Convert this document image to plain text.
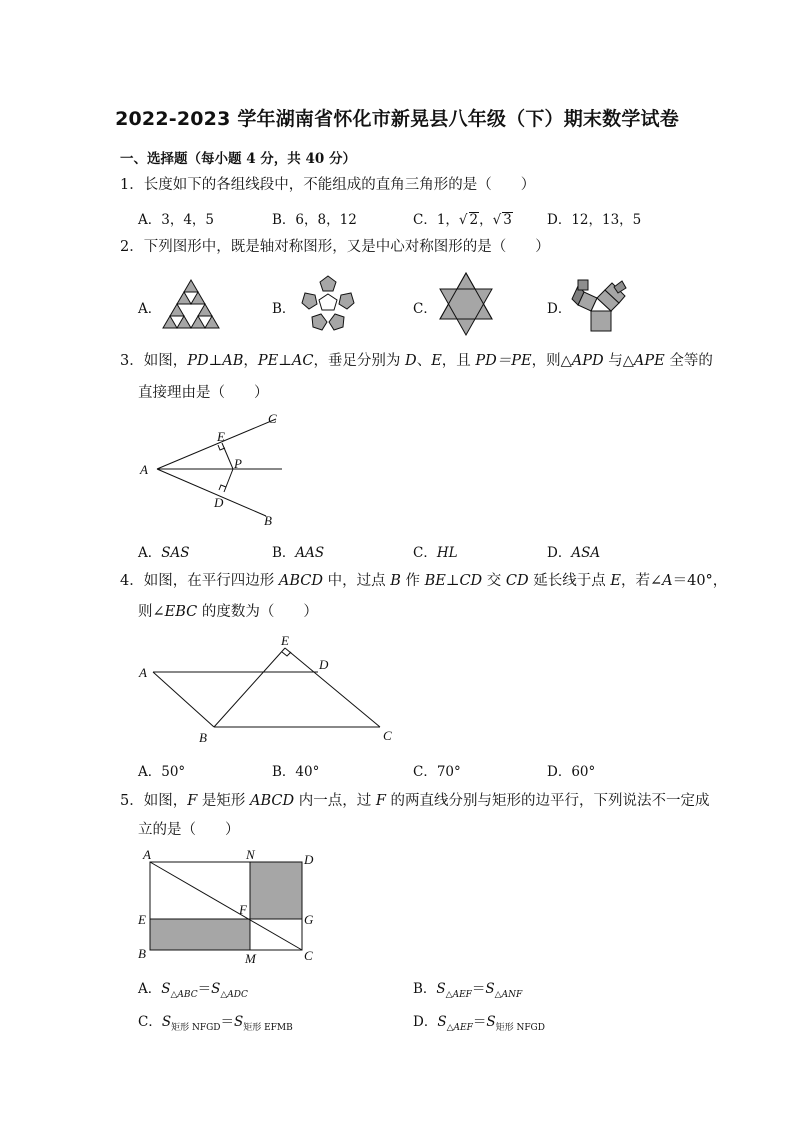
2022-2023 学年湖南省怀化市新晃县八年级（下）期末数学试卷
一、选择题（每小题 4 分，共 40 分）
1．长度如下的各组线段中，不能组成的直角三角形的是（　　）
A．3，4，5	B．6，8，12	C．1，√ 2，√ 3	D．12，13，5
2．下列图形中，既是轴对称图形，又是中心对称图形的是（　　）
A．	B．	C．	D．
3．如图，PD⊥AB，PE⊥AC，垂足分别为 D、E，且 PD＝PE，则△APD 与△APE 全等的
直接理由是（　　）
A
E
C
P
D
B
A．SAS	B．AAS	C．HL	D．ASA
4．如图，在平行四边形 ABCD 中，过点 B 作 BE⊥CD 交 CD 延长线于点 E，若∠A＝40°，
则∠EBC 的度数为（　　）
E
A
D
B	C
A．50°	B．40°	C．70°	D．60°
5．如图，F 是矩形 ABCD 内一点，过 F 的两直线分别与矩形的边平行，下列说法不一定成
立的是（　　）
A	N	D
E
F
G
B	M	C
A．$S_{\triangle ABC}=S_{\triangle ADC}$	B．$S_{\triangle AEF}=S_{\triangle ANF}$
C．$S_{矩形 NFGD}=S_{矩形 EFMB}$	D．$S_{\triangle AEF}=S_{矩形 NFGD}$
